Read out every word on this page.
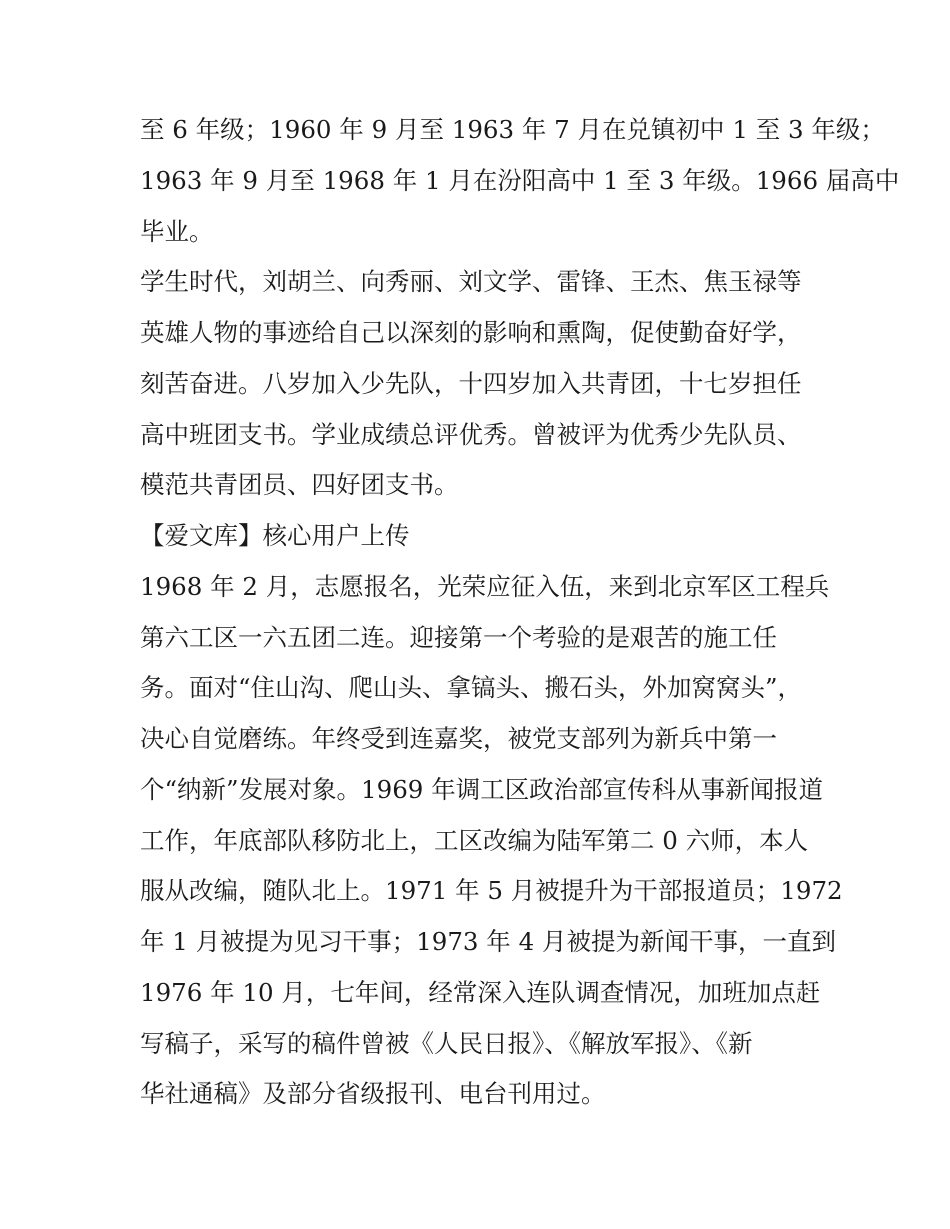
至 6 年级；1960 年 9 月至 1963 年 7 月在兑镇初中 1 至 3 年级；
1963 年 9 月至 1968 年 1 月在汾阳高中 1 至 3 年级。1966 届高中
毕业。
学生时代，刘胡兰、向秀丽、刘文学、雷锋、王杰、焦玉禄等
英雄人物的事迹给自己以深刻的影响和熏陶，促使勤奋好学，
刻苦奋进。八岁加入少先队，十四岁加入共青团，十七岁担任
高中班团支书。学业成绩总评优秀。曾被评为优秀少先队员、
模范共青团员、四好团支书。
【爱文库】核心用户上传
1968 年 2 月，志愿报名，光荣应征入伍，来到北京军区工程兵
第六工区一六五团二连。迎接第一个考验的是艰苦的施工任
务。面对“住山沟、爬山头、拿镐头、搬石头，外加窝窝头”，
决心自觉磨练。年终受到连嘉奖，被党支部列为新兵中第一
个“纳新”发展对象。1969 年调工区政治部宣传科从事新闻报道
工作，年底部队移防北上，工区改编为陆军第二 0 六师，本人
服从改编，随队北上。1971 年 5 月被提升为干部报道员；1972
年 1 月被提为见习干事；1973 年 4 月被提为新闻干事，一直到
1976 年 10 月，七年间，经常深入连队调查情况，加班加点赶
写稿子，采写的稿件曾被《人民日报》、《解放军报》、《新
华社通稿》及部分省级报刊、电台刊用过。
